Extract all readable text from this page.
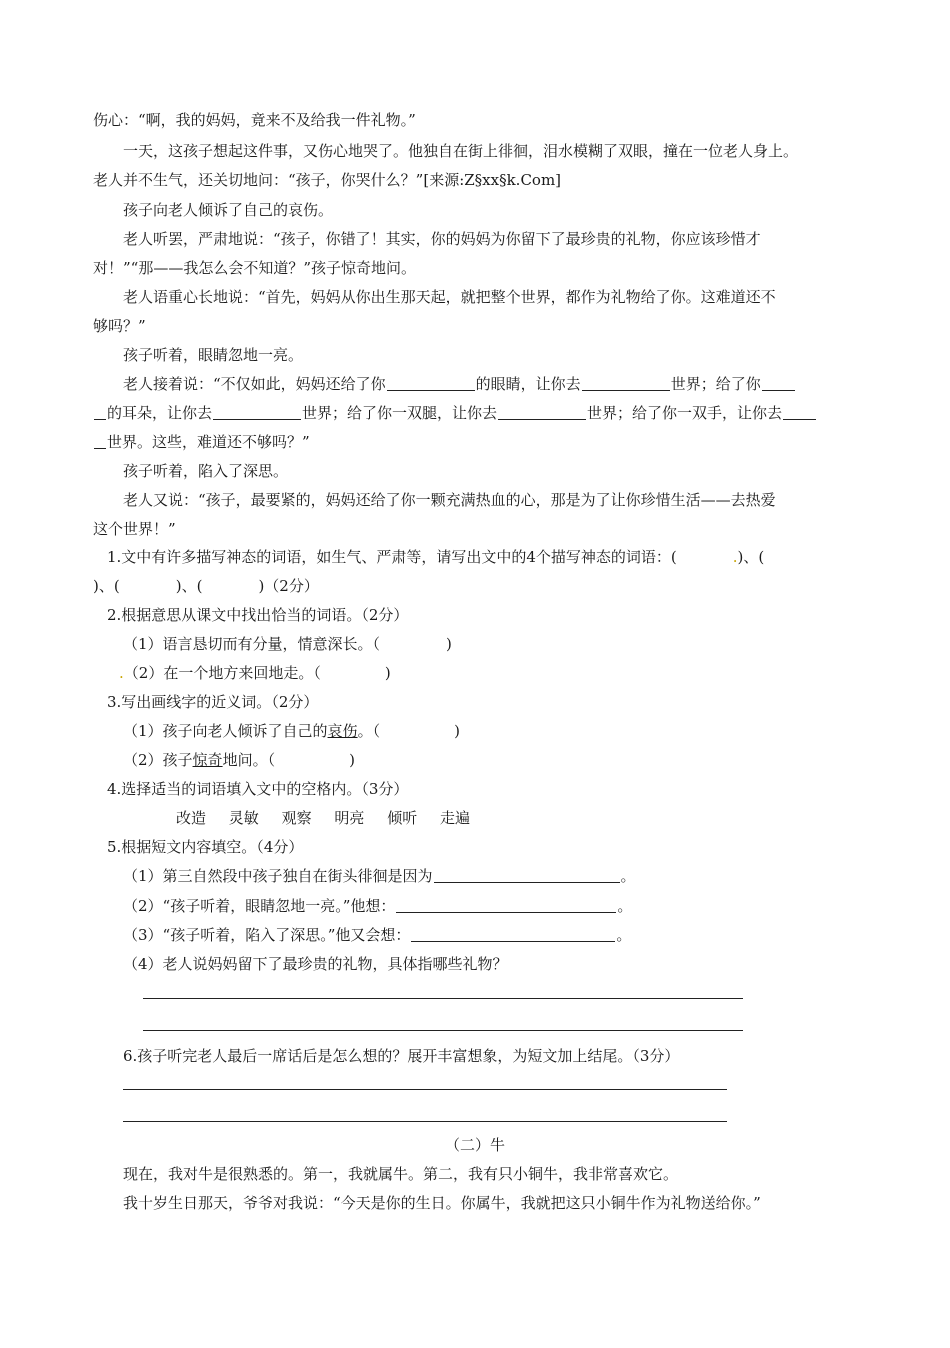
伤心：“啊，我的妈妈，竟来不及给我一件礼物。”
一天，这孩子想起这件事，又伤心地哭了。他独自在街上徘徊，泪水模糊了双眼，撞在一位老人身上。
老人并不生气，还关切地问：“孩子，你哭什么？”[来源:Z§xx§k.Com]
孩子向老人倾诉了自己的哀伤。
老人听罢，严肃地说：“孩子，你错了！其实，你的妈妈为你留下了最珍贵的礼物，你应该珍惜才
对！”“那——我怎么会不知道？”孩子惊奇地问。
老人语重心长地说：“首先，妈妈从你出生那天起，就把整个世界，都作为礼物给了你。这难道还不
够吗？”
孩子听着，眼睛忽地一亮。
老人接着说：“不仅如此，妈妈还给了你	的眼睛，让你去	世界；给了你
的耳朵，让你去	世界；给了你一双腿，让你去	世界；给了你一双手，让你去
世界。这些，难道还不够吗？”
孩子听着，陷入了深思。
老人又说：“孩子，最要紧的，妈妈还给了你一颗充满热血的心，那是为了让你珍惜生活——去热爱
这个世界！”
1.文中有许多描写神态的词语，如生气、严肃等，请写出文中的4个描写神态的词语：(	.)、(
)、(	)、(	)（2分）
2.根据意思从课文中找出恰当的词语。（2分）
（1）语言恳切而有分量，情意深长。（	)
.（2）在一个地方来回地走。（	)
3.写出画线字的近义词。（2分）
（1）孩子向老人倾诉了自己的哀伤。（	)
（2）孩子惊奇地问。（	)
4.选择适当的词语填入文中的空格内。（3分）
改造 灵敏 观察 明亮 倾听 走遍
5.根据短文内容填空。（4分）
（1）第三自然段中孩子独自在街头徘徊是因为	。
（2）“孩子听着，眼睛忽地一亮。”他想：	。
（3）“孩子听着，陷入了深思。”他又会想：	。
（4）老人说妈妈留下了最珍贵的礼物，具体指哪些礼物？
6.孩子听完老人最后一席话后是怎么想的？展开丰富想象，为短文加上结尾。（3分）
（二）牛
现在，我对牛是很熟悉的。第一，我就属牛。第二，我有只小铜牛，我非常喜欢它。
我十岁生日那天，爷爷对我说：“今天是你的生日。你属牛，我就把这只小铜牛作为礼物送给你。”
